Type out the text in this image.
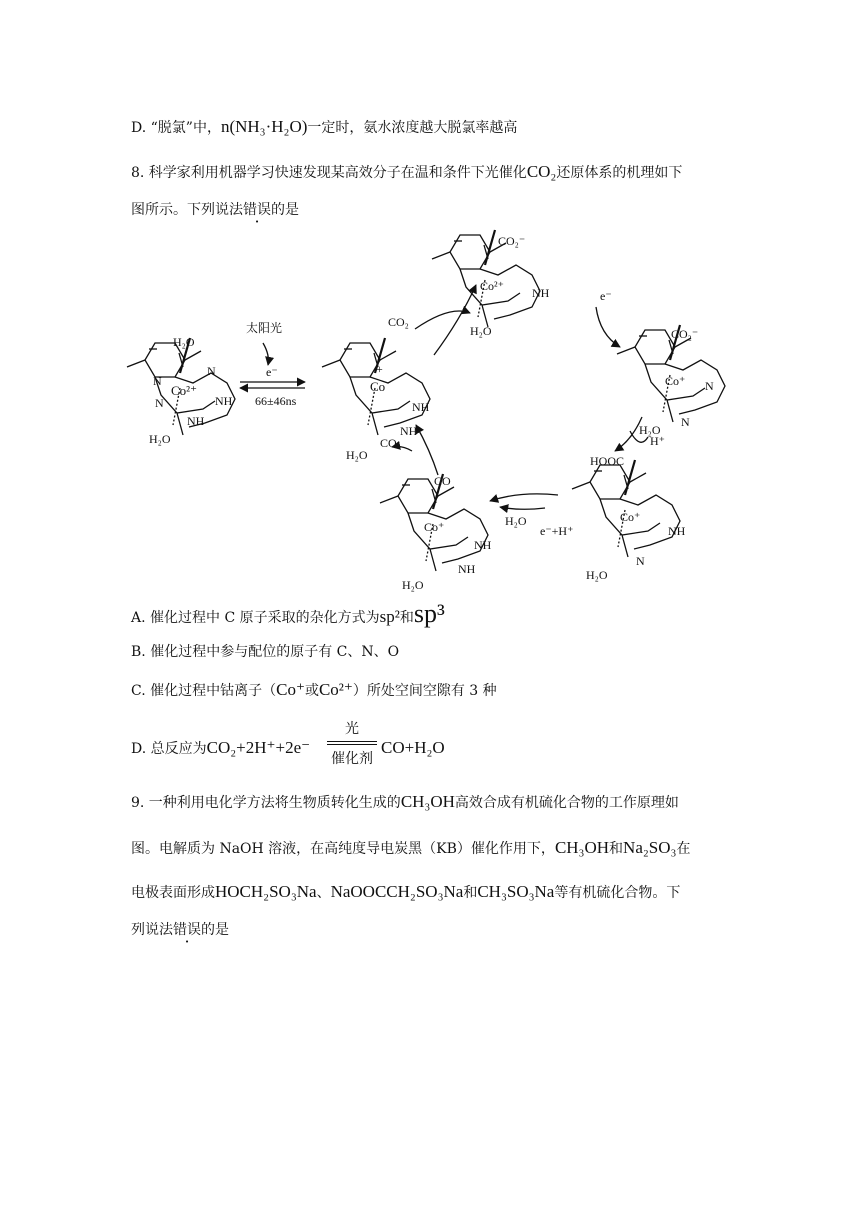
D. “脱氯”中，n(NH₃·H₂O)一定时，氨水浓度越大脱氯率越高
8. 科学家利用机器学习快速发现某高效分子在温和条件下光催化CO₂还原体系的机理如下
图所示。下列说法错误的是
H₂O
Co²⁺
N
N
N	NH
NH
H₂O
太阳光
e⁻
66±46ns
Co
+
NH
NH
H₂O
CO₂
CO₂⁻
Co²⁺ NH
H₂O
e⁻
CO₂⁻
Co⁺ N
N
H₂O
H⁺
HOOC
Co⁺
NH
N
H₂O
H₂O
e⁻+H⁺
CO
Co⁺
NH
NH
H₂O
CO
A. 催化过程中 C 原子采取的杂化方式为sp²和sp³
B. 催化过程中参与配位的原子有 C、N、O
C. 催化过程中钴离子（Co⁺或Co²⁺）所处空间空隙有 3 种
D. 总反应为CO₂+2H⁺+2e⁻
光
催化剂
CO+H₂O
9. 一种利用电化学方法将生物质转化生成的CH₃OH高效合成有机硫化合物的工作原理如
图。电解质为 NaOH 溶液，在高纯度导电炭黑（KB）催化作用下，CH₃OH和Na₂SO₃在
电极表面形成HOCH₂SO₃Na、NaOOCCH₂SO₃Na和CH₃SO₃Na等有机硫化合物。下
列说法错误的是
